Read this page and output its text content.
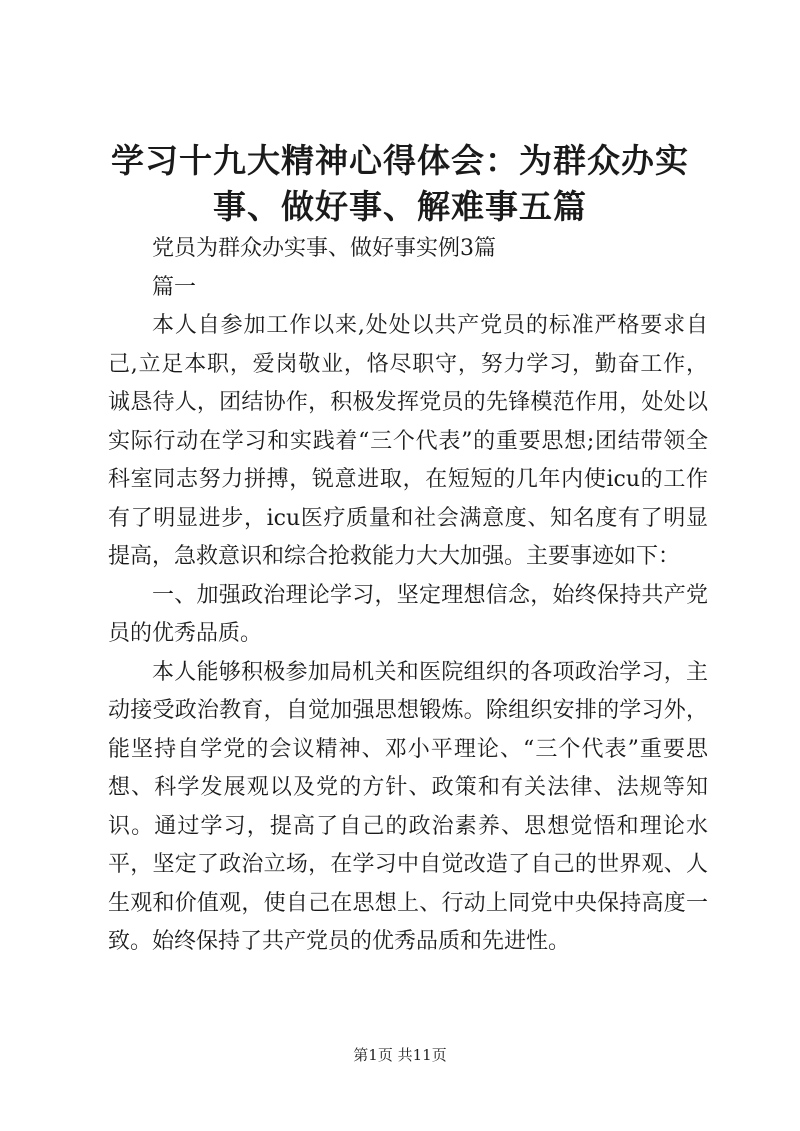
学习十九大精神心得体会：为群众办实事、做好事、解难事五篇

党员为群众办实事、做好事实例3篇

篇一

本人自参加工作以来,处处以共产党员的标准严格要求自己,立足本职，爱岗敬业，恪尽职守，努力学习，勤奋工作，诚恳待人，团结协作，积极发挥党员的先锋模范作用，处处以实际行动在学习和实践着“三个代表”的重要思想;团结带领全科室同志努力拼搏，锐意进取，在短短的几年内使icu的工作有了明显进步，icu医疗质量和社会满意度、知名度有了明显提高，急救意识和综合抢救能力大大加强。主要事迹如下：

一、加强政治理论学习，坚定理想信念，始终保持共产党员的优秀品质。

本人能够积极参加局机关和医院组织的各项政治学习，主动接受政治教育，自觉加强思想锻炼。除组织安排的学习外，能坚持自学党的会议精神、邓小平理论、“三个代表”重要思想、科学发展观以及党的方针、政策和有关法律、法规等知识。通过学习，提高了自己的政治素养、思想觉悟和理论水平，坚定了政治立场，在学习中自觉改造了自己的世界观、人生观和价值观，使自己在思想上、行动上同党中央保持高度一致。始终保持了共产党员的优秀品质和先进性。

第1页 共11页
